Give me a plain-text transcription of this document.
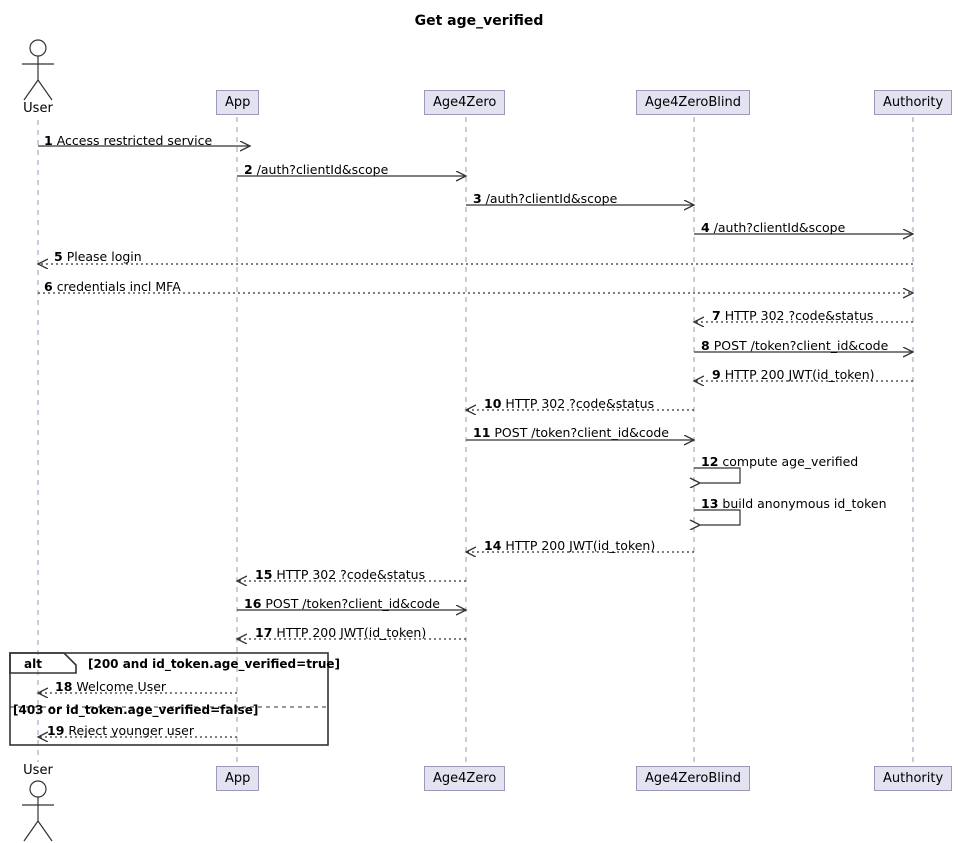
Get age_verified
User	App	Age4Zero	Age4ZeroBlind	Authority
User
App	Age4Zero	Age4ZeroBlind	Authority
1 Access restricted service
2 /auth?clientId&scope
3 /auth?clientId&scope
4 /auth?clientId&scope
5 Please login
6 credentials incl MFA
7 HTTP 302 ?code&status
8 POST /token?client_id&code
9 HTTP 200 JWT(id_token)
10 HTTP 302 ?code&status
11 POST /token?client_id&code
12 compute age_verified
13 build anonymous id_token
14 HTTP 200 JWT(id_token)
15 HTTP 302 ?code&status
16 POST /token?client_id&code
17 HTTP 200 JWT(id_token)
18 Welcome User
19 Reject younger user
alt	[200 and id_token.age_verified=true]
[403 or id_token.age_verified=false]
